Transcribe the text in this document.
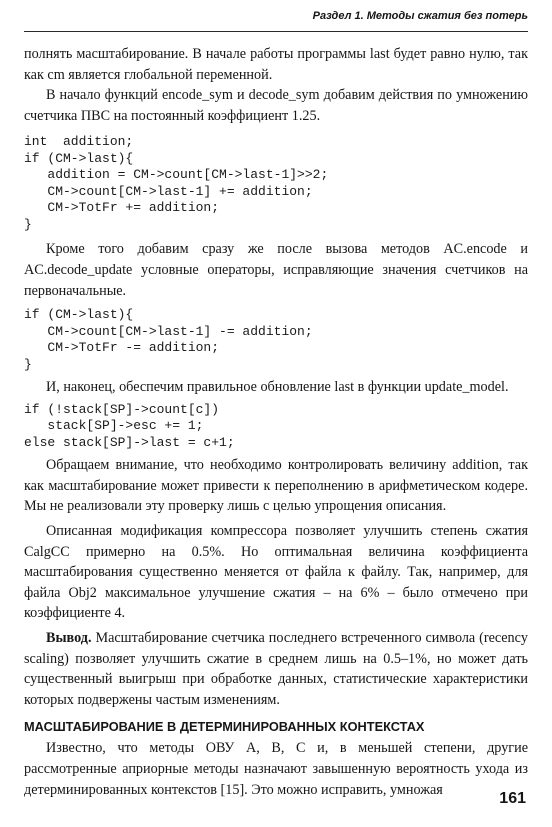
Раздел 1. Методы сжатия без потерь

полнять масштабирование. В начале работы программы last будет равно нулю, так как cm является глобальной переменной.

В начало функций encode_sym и decode_sym добавим действия по умножению счетчика ПВС на постоянный коэффициент 1.25.

int  addition;
if (CM->last){
addition = CM->count[CM->last-1]>>2;
CM->count[CM->last-1] += addition;
CM->TotFr += addition;
}

Кроме того добавим сразу же после вызова методов AC.encode и AC.decode_update условные операторы, исправляющие значения счетчиков на первоначальные.

if (CM->last){
CM->count[CM->last-1] -= addition;
CM->TotFr -= addition;
}

И, наконец, обеспечим правильное обновление last в функции update_model.

if (!stack[SP]->count[c])
stack[SP]->esc += 1;
else stack[SP]->last = c+1;

Обращаем внимание, что необходимо контролировать величину addition, так как масштабирование может привести к переполнению в арифметическом кодере. Мы не реализовали эту проверку лишь с целью упрощения описания.

Описанная модификация компрессора позволяет улучшить степень сжатия CalgCC примерно на 0.5%. Но оптимальная величина коэффициента масштабирования существенно меняется от файла к файлу. Так, например, для файла Obj2 максимальное улучшение сжатия – на 6% – было отмечено при коэффициенте 4.

Вывод. Масштабирование счетчика последнего встреченного символа (recency scaling) позволяет улучшить сжатие в среднем лишь на 0.5–1%, но может дать существенный выигрыш при обработке данных, статистические характеристики которых подвержены частым изменениям.

МАСШТАБИРОВАНИЕ В ДЕТЕРМИНИРОВАННЫХ КОНТЕКСТАХ

Известно, что методы ОВУ A, B, C и, в меньшей степени, другие рассмотренные априорные методы назначают завышенную вероятность ухода из детерминированных контекстов [15]. Это можно исправить, умножая

161
